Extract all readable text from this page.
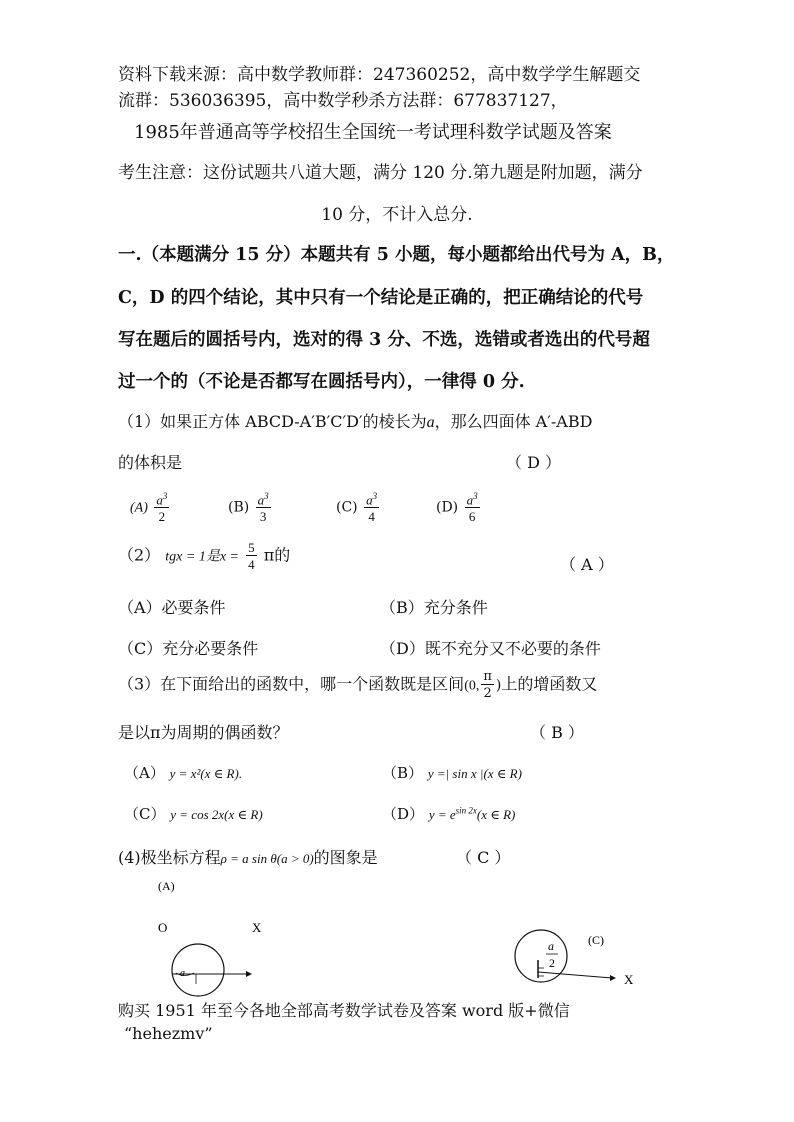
资料下载来源：高中数学教师群：247360252，高中数学学生解题交
流群：536036395，高中数学秒杀方法群：677837127，
1985年普通高等学校招生全国统一考试理科数学试题及答案
考生注意：这份试题共八道大题，满分 120 分.第九题是附加题，满分
10 分，不计入总分.
一.（本题满分 15 分）本题共有 5 小题，每小题都给出代号为 A，B，
C，D 的四个结论，其中只有一个结论是正确的，把正确结论的代号
写在题后的圆括号内，选对的得 3 分、不选，选错或者选出的代号超
过一个的（不论是否都写在圆括号内），一律得 0 分.
（1）如果正方体 ABCD-A′B′C′D′的棱长为a，那么四面体 A′-ABD
的体积是	（ D ）
$(A) \frac{a^3}{2}$	$(B) \frac{a^3}{3}$	$(C) \frac{a^3}{4}$	$(D) \frac{a^3}{6}$
（2） tgx = 1是$x = \frac{5}{4}$ π的	（ A ）
（A）必要条件	（B）充分条件
（C）充分必要条件	（D）既不充分又不必要的条件
（3）在下面给出的函数中，哪一个函数既是区间(0, $\frac{\pi}{2}$ )上的增函数又
是以π为周期的偶函数？	（ B ）
（A） y = x²(x ∈ R).	（B） y =| sin x |(x ∈ R)
（C） y = cos 2x(x ∈ R)	（D） $y = e^{sin 2x}(x$ ∈ R)
(4)极坐标方程ρ = a sin θ(a > 0)的图象是	（ C ）
(A)
O	X
a
2
(C)
a
2
X
购买 1951 年至今各地全部高考数学试卷及答案 word 版+微信
“hehezmv”
